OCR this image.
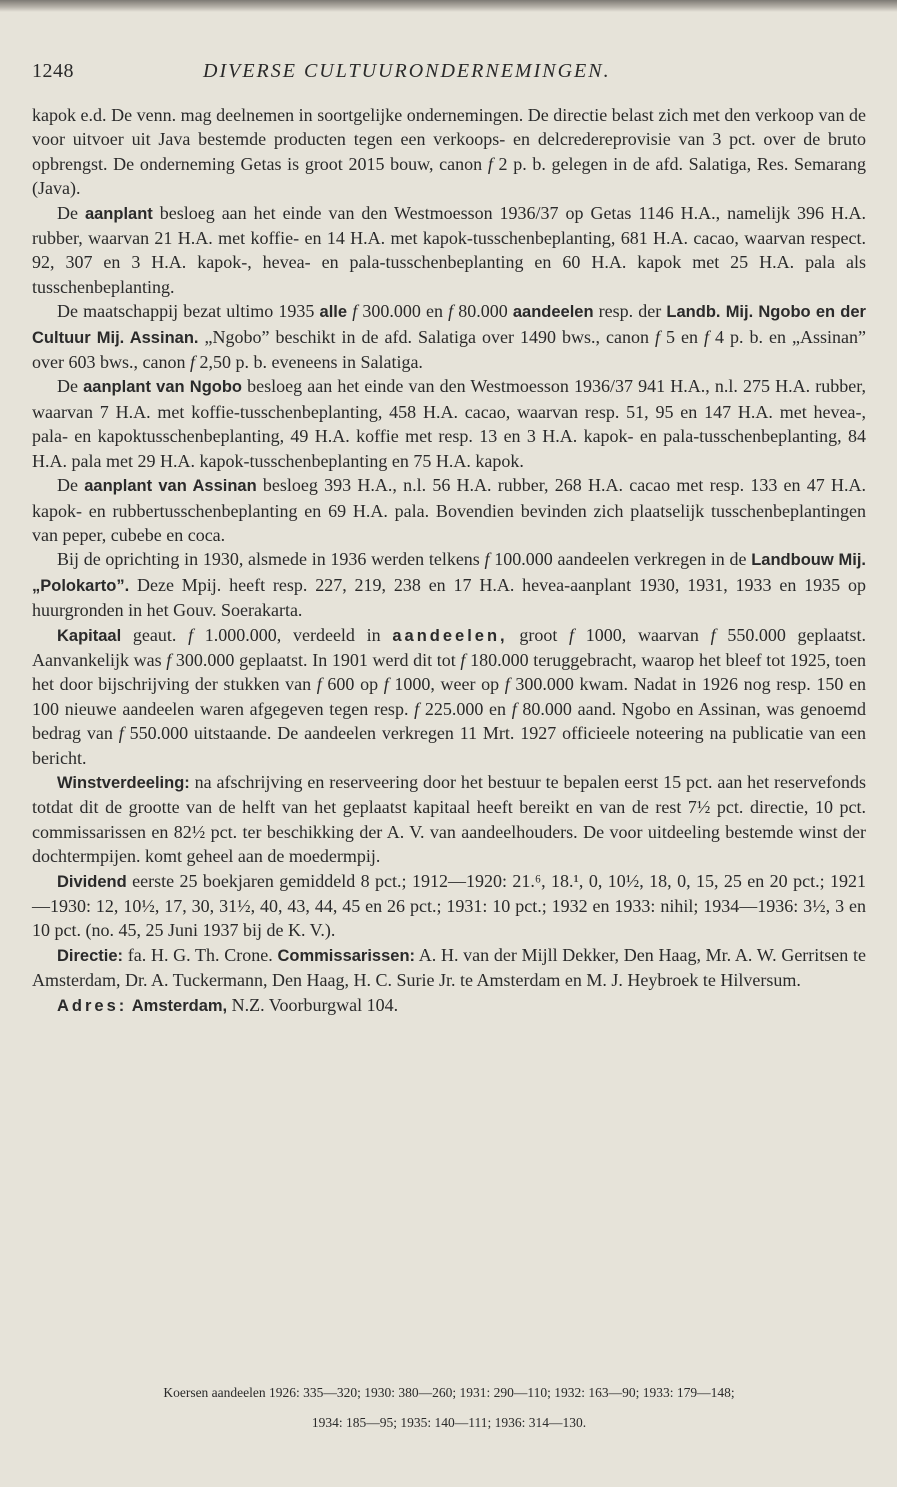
1248	DIVERSE CULTUURONDERNEMINGEN.

kapok e.d. De venn. mag deelnemen in soortgelijke ondernemingen. De directie belast zich met den verkoop van de voor uitvoer uit Java bestemde producten tegen een verkoops- en delcredereprovisie van 3 pct. over de bruto opbrengst. De onderneming Getas is groot 2015 bouw, canon f 2 p. b. gelegen in de afd. Salatiga, Res. Semarang (Java).

De aanplant besloeg aan het einde van den Westmoesson 1936/37 op Getas 1146 H.A., namelijk 396 H.A. rubber, waarvan 21 H.A. met koffie- en 14 H.A. met kapok-tusschenbeplanting, 681 H.A. cacao, waarvan respect. 92, 307 en 3 H.A. kapok-, hevea- en pala-tusschenbeplanting en 60 H.A. kapok met 25 H.A. pala als tusschenbeplanting.

De maatschappij bezat ultimo 1935 alle f 300.000 en f 80.000 aandeelen resp. der Landb. Mij. Ngobo en der Cultuur Mij. Assinan. „Ngobo” beschikt in de afd. Salatiga over 1490 bws., canon f 5 en f 4 p. b. en „Assinan” over 603 bws., canon f 2,50 p. b. eveneens in Salatiga.

De aanplant van Ngobo besloeg aan het einde van den Westmoesson 1936/37 941 H.A., n.l. 275 H.A. rubber, waarvan 7 H.A. met koffie-tusschenbeplanting, 458 H.A. cacao, waarvan resp. 51, 95 en 147 H.A. met hevea-, pala- en kapoktusschenbeplanting, 49 H.A. koffie met resp. 13 en 3 H.A. kapok- en pala-tusschenbeplanting, 84 H.A. pala met 29 H.A. kapok-tusschenbeplanting en 75 H.A. kapok.

De aanplant van Assinan besloeg 393 H.A., n.l. 56 H.A. rubber, 268 H.A. cacao met resp. 133 en 47 H.A. kapok- en rubbertusschenbeplanting en 69 H.A. pala. Bovendien bevinden zich plaatselijk tusschenbeplantingen van peper, cubebe en coca.

Bij de oprichting in 1930, alsmede in 1936 werden telkens f 100.000 aandeelen verkregen in de Landbouw Mij. „Polokarto”. Deze Mpij. heeft resp. 227, 219, 238 en 17 H.A. hevea-aanplant 1930, 1931, 1933 en 1935 op huurgronden in het Gouv. Soerakarta.

Kapitaal geaut. f 1.000.000, verdeeld in aandeelen, groot f 1000, waarvan f 550.000 geplaatst. Aanvankelijk was f 300.000 geplaatst. In 1901 werd dit tot f 180.000 teruggebracht, waarop het bleef tot 1925, toen het door bijschrijving der stukken van f 600 op f 1000, weer op f 300.000 kwam. Nadat in 1926 nog resp. 150 en 100 nieuwe aandeelen waren afgegeven tegen resp. f 225.000 en f 80.000 aand. Ngobo en Assinan, was genoemd bedrag van f 550.000 uitstaande. De aandeelen verkregen 11 Mrt. 1927 officieele noteering na publicatie van een bericht.

Winstverdeeling: na afschrijving en reserveering door het bestuur te bepalen eerst 15 pct. aan het reservefonds totdat dit de grootte van de helft van het geplaatst kapitaal heeft bereikt en van de rest 7½ pct. directie, 10 pct. commissarissen en 82½ pct. ter beschikking der A. V. van aandeelhouders. De voor uitdeeling bestemde winst der dochtermpijen. komt geheel aan de moedermpij.

Dividend eerste 25 boekjaren gemiddeld 8 pct.; 1912—1920: 21.⁶, 18.¹, 0, 10½, 18, 0, 15, 25 en 20 pct.; 1921—1930: 12, 10½, 17, 30, 31½, 40, 43, 44, 45 en 26 pct.; 1931: 10 pct.; 1932 en 1933: nihil; 1934—1936: 3½, 3 en 10 pct. (no. 45, 25 Juni 1937 bij de K. V.).

Directie: fa. H. G. Th. Crone. Commissarissen: A. H. van der Mijll Dekker, Den Haag, Mr. A. W. Gerritsen te Amsterdam, Dr. A. Tuckermann, Den Haag, H. C. Surie Jr. te Amsterdam en M. J. Heybroek te Hilversum.

Adres: Amsterdam, N.Z. Voorburgwal 104.

Koersen aandeelen 1926: 335—320; 1930: 380—260; 1931: 290—110; 1932: 163—90; 1933: 179—148;
1934: 185—95; 1935: 140—111; 1936: 314—130.
